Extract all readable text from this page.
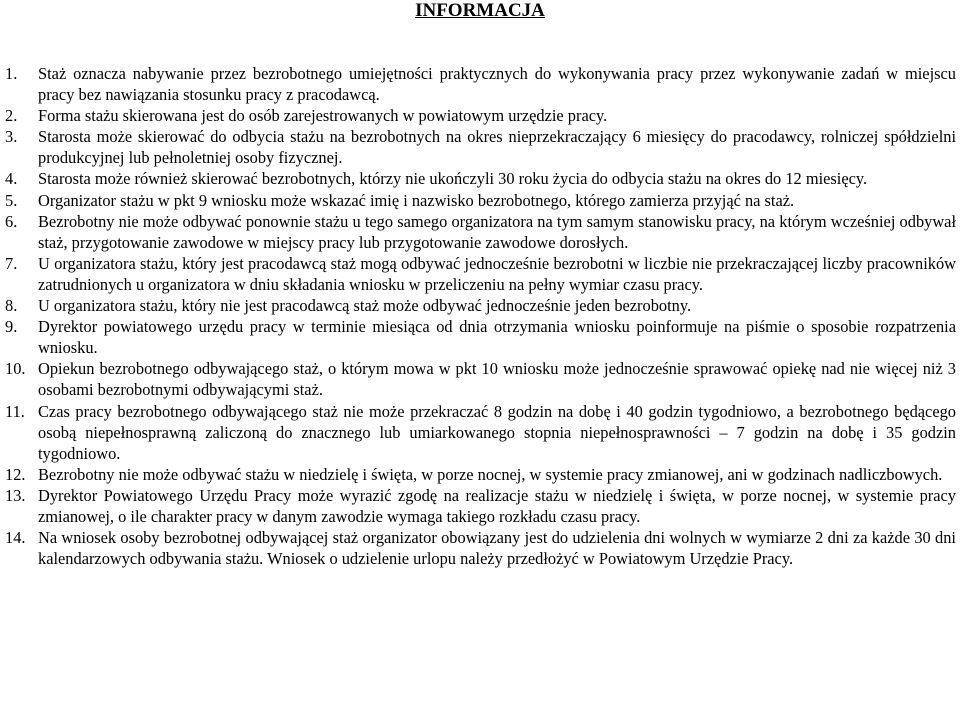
INFORMACJA
1. Staż oznacza nabywanie przez bezrobotnego umiejętności praktycznych do wykonywania pracy przez wykonywanie zadań w miejscu pracy bez nawiązania stosunku pracy z pracodawcą.
2. Forma stażu skierowana jest do osób zarejestrowanych w powiatowym urzędzie pracy.
3. Starosta może skierować do odbycia stażu na bezrobotnych na okres nieprzekraczający 6 miesięcy do pracodawcy, rolniczej spółdzielni produkcyjnej lub pełnoletniej osoby fizycznej.
4. Starosta może również skierować bezrobotnych, którzy nie ukończyli 30 roku życia do odbycia stażu na okres do 12 miesięcy.
5. Organizator stażu w pkt 9 wniosku może wskazać imię i nazwisko bezrobotnego, którego zamierza przyjąć na staż.
6. Bezrobotny nie może odbywać ponownie stażu u tego samego organizatora na tym samym stanowisku pracy, na którym wcześniej odbywał staż, przygotowanie zawodowe w miejscy pracy lub przygotowanie zawodowe dorosłych.
7. U organizatora stażu, który jest pracodawcą staż mogą odbywać jednocześnie bezrobotni w liczbie nie przekraczającej liczby pracowników zatrudnionych u organizatora w dniu składania wniosku w przeliczeniu na pełny wymiar czasu pracy.
8. U organizatora stażu, który nie jest pracodawcą staż może odbywać jednocześnie jeden bezrobotny.
9. Dyrektor powiatowego urzędu pracy w terminie miesiąca od dnia otrzymania wniosku poinformuje na piśmie o sposobie rozpatrzenia wniosku.
10. Opiekun bezrobotnego odbywającego staż, o którym mowa w pkt 10 wniosku może jednocześnie sprawować opiekę nad nie więcej niż 3 osobami bezrobotnymi odbywającymi staż.
11. Czas pracy bezrobotnego odbywającego staż nie może przekraczać 8 godzin na dobę i 40 godzin tygodniowo, a bezrobotnego będącego osobą niepełnosprawną zaliczoną do znacznego lub umiarkowanego stopnia niepełnosprawności – 7 godzin na dobę i 35 godzin tygodniowo.
12. Bezrobotny nie może odbywać stażu w niedzielę i święta, w porze nocnej, w systemie pracy zmianowej, ani w godzinach nadliczbowych.
13. Dyrektor Powiatowego Urzędu Pracy może wyrazić zgodę na realizacje stażu w niedzielę i święta, w porze nocnej, w systemie pracy zmianowej, o ile charakter pracy w danym zawodzie wymaga takiego rozkładu czasu pracy.
14. Na wniosek osoby bezrobotnej odbywającej staż organizator obowiązany jest do udzielenia dni wolnych w wymiarze 2 dni za każde 30 dni kalendarzowych odbywania stażu. Wniosek o udzielenie urlopu należy przedłożyć w Powiatowym Urzędzie Pracy.
